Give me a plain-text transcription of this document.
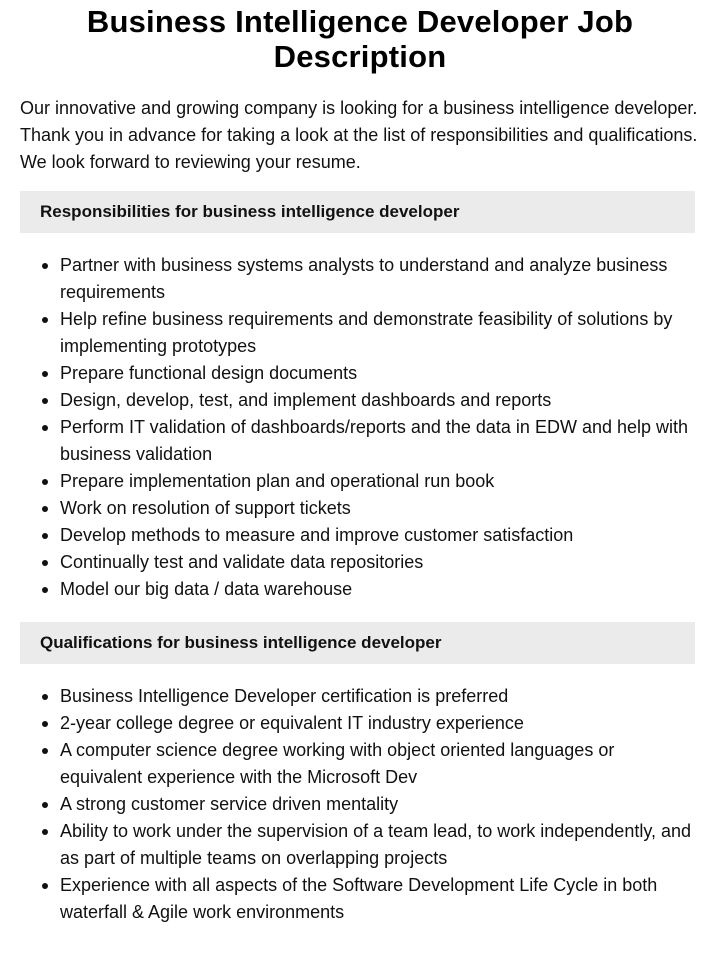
Business Intelligence Developer Job Description

Our innovative and growing company is looking for a business intelligence developer. Thank you in advance for taking a look at the list of responsibilities and qualifications. We look forward to reviewing your resume.

Responsibilities for business intelligence developer
Partner with business systems analysts to understand and analyze business requirements
Help refine business requirements and demonstrate feasibility of solutions by implementing prototypes
Prepare functional design documents
Design, develop, test, and implement dashboards and reports
Perform IT validation of dashboards/reports and the data in EDW and help with business validation
Prepare implementation plan and operational run book
Work on resolution of support tickets
Develop methods to measure and improve customer satisfaction
Continually test and validate data repositories
Model our big data / data warehouse
Qualifications for business intelligence developer
Business Intelligence Developer certification is preferred
2-year college degree or equivalent IT industry experience
A computer science degree working with object oriented languages or equivalent experience with the Microsoft Dev
A strong customer service driven mentality
Ability to work under the supervision of a team lead, to work independently, and as part of multiple teams on overlapping projects
Experience with all aspects of the Software Development Life Cycle in both waterfall & Agile work environments
